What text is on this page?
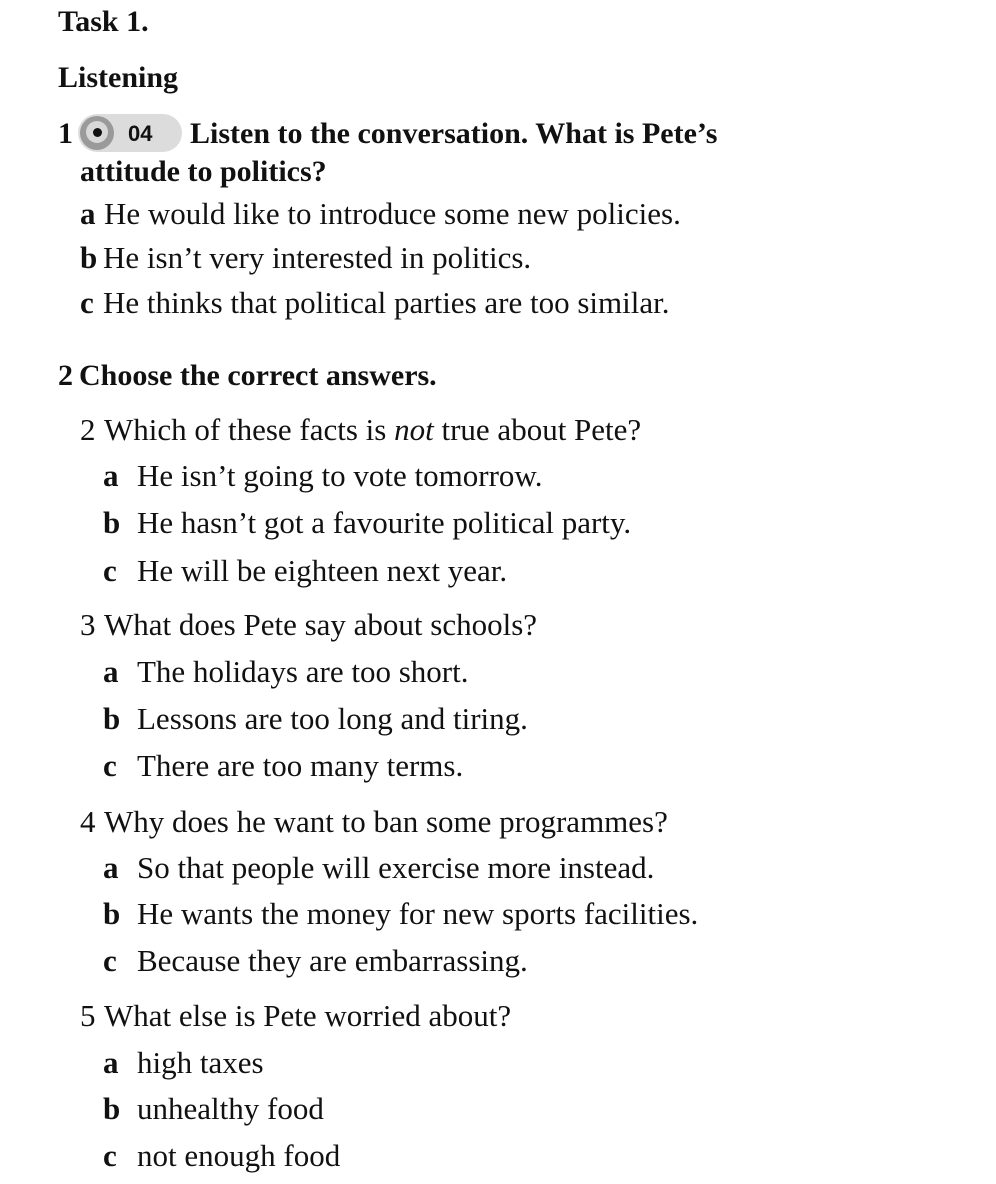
Task 1.
Listening
1	04 Listen to the conversation. What is Pete’s
attitude to politics?
a He would like to introduce some new policies.
b He isn’t very interested in politics.
c He thinks that political parties are too similar.
2 Choose the correct answers.
2 Which of these facts is not true about Pete?
a He isn’t going to vote tomorrow.
b He hasn’t got a favourite political party.
c He will be eighteen next year.
3 What does Pete say about schools?
a The holidays are too short.
b Lessons are too long and tiring.
c There are too many terms.
4 Why does he want to ban some programmes?
a So that people will exercise more instead.
b He wants the money for new sports facilities.
c Because they are embarrassing.
5 What else is Pete worried about?
a high taxes
b unhealthy food
c not enough food
